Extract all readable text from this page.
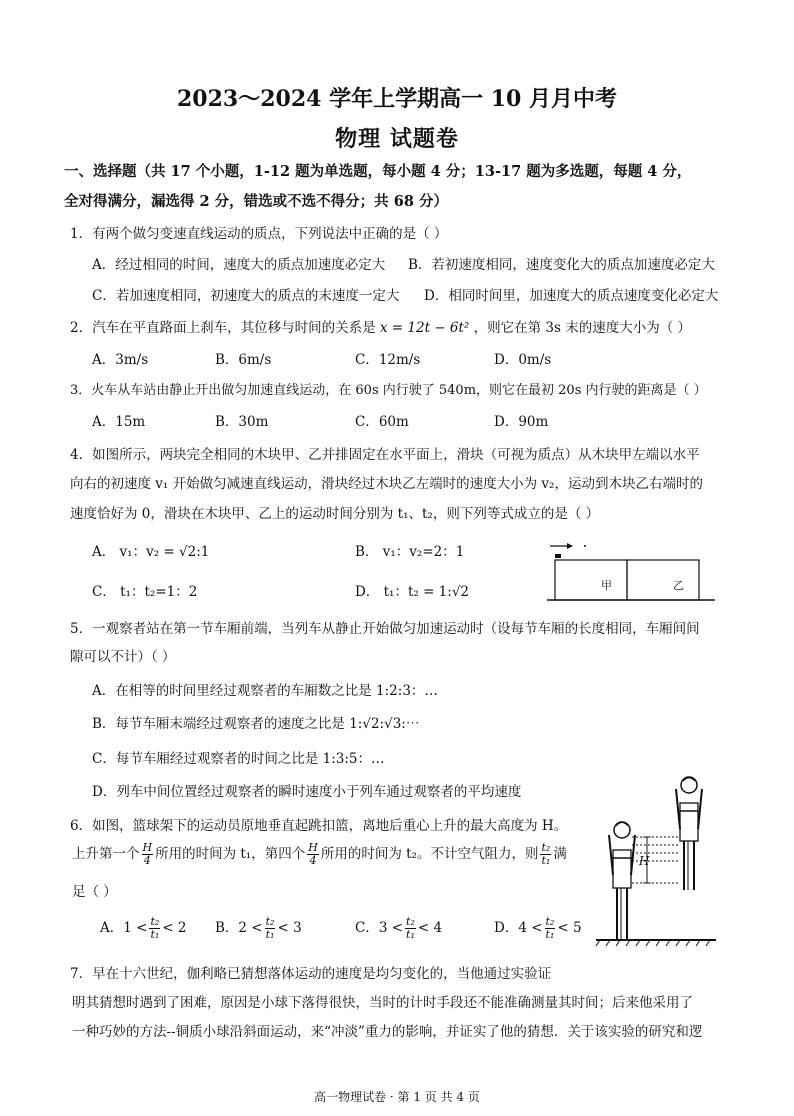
2023～2024 学年上学期高一 10 月月中考
物理 试题卷
一、选择题（共 17 个小题，1-12 题为单选题，每小题 4 分；13-17 题为多选题，每题 4 分，
全对得满分，漏选得 2 分，错选或不选不得分；共 68 分）
1．有两个做匀变速直线运动的质点，下列说法中正确的是（ ）
A．经过相同的时间，速度大的质点加速度必定大 B．若初速度相同，速度变化大的质点加速度必定大
C．若加速度相同，初速度大的质点的末速度一定大 D．相同时间里，加速度大的质点速度变化必定大
2．汽车在平直路面上刹车，其位移与时间的关系是 x = 12t − 6t² ，则它在第 3s 末的速度大小为（ ）
A．3m/s	B．6m/s	C．12m/s	D．0m/s
3．火车从车站由静止开出做匀加速直线运动，在 60s 内行驶了 540m，则它在最初 20s 内行驶的距离是（ ）
A．15m	B．30m	C．60m	D．90m
4．如图所示，两块完全相同的木块甲、乙并排固定在水平面上，滑块（可视为质点）从木块甲左端以水平
向右的初速度 v₁ 开始做匀减速直线运动，滑块经过木块乙左端时的速度大小为 v₂，运动到木块乙右端时的
速度恰好为 0，滑块在木块甲、乙上的运动时间分别为 t₁、t₂，则下列等式成立的是（ ）
A． v₁：v₂ = √2:1	B． v₁：v₂=2：1
C． t₁：t₂=1：2	D． t₁：t₂ = 1:√2	甲	乙
5．一观察者站在第一节车厢前端，当列车从静止开始做匀加速运动时（设每节车厢的长度相同，车厢间间
隙可以不计）（ ）
A．在相等的时间里经过观察者的车厢数之比是 1:2:3：…
B．每节车厢末端经过观察者的速度之比是 1:√2:√3:⋯
C．每节车厢经过观察者的时间之比是 1:3:5：…
D．列车中间位置经过观察者的瞬时速度小于列车通过观察者的平均速度
6．如图，篮球架下的运动员原地垂直起跳扣篮，离地后重心上升的最大高度为 H。
上升第一个 $\frac{H}{4}$ 所用的时间为 t₁，第四个 $\frac{H}{4}$ 所用的时间为 t₂。不计空气阻力，则 $\frac{\text{t₂}}{\text{t₁}}$ 满
足（ ）
A．$1 < \frac{\text{t₂}}{\text{t₁}} < 2$ B．$2 < \frac{\text{t₂}}{\text{t₁}} < 3$	C．$3 < \frac{\text{t₂}}{\text{t₁}} < 4$	D．$4 < \frac{\text{t₂}}{\text{t₁}} < 5$
H
7．早在十六世纪，伽利略已猜想落体运动的速度是均匀变化的，当他通过实验证
明其猜想时遇到了困难，原因是小球下落得很快，当时的计时手段还不能准确测量其时间；后来他采用了
一种巧妙的方法--铜质小球沿斜面运动，来“冲淡”重力的影响，并证实了他的猜想．关于该实验的研究和逻
高一物理试卷 · 第 1 页 共 4 页
